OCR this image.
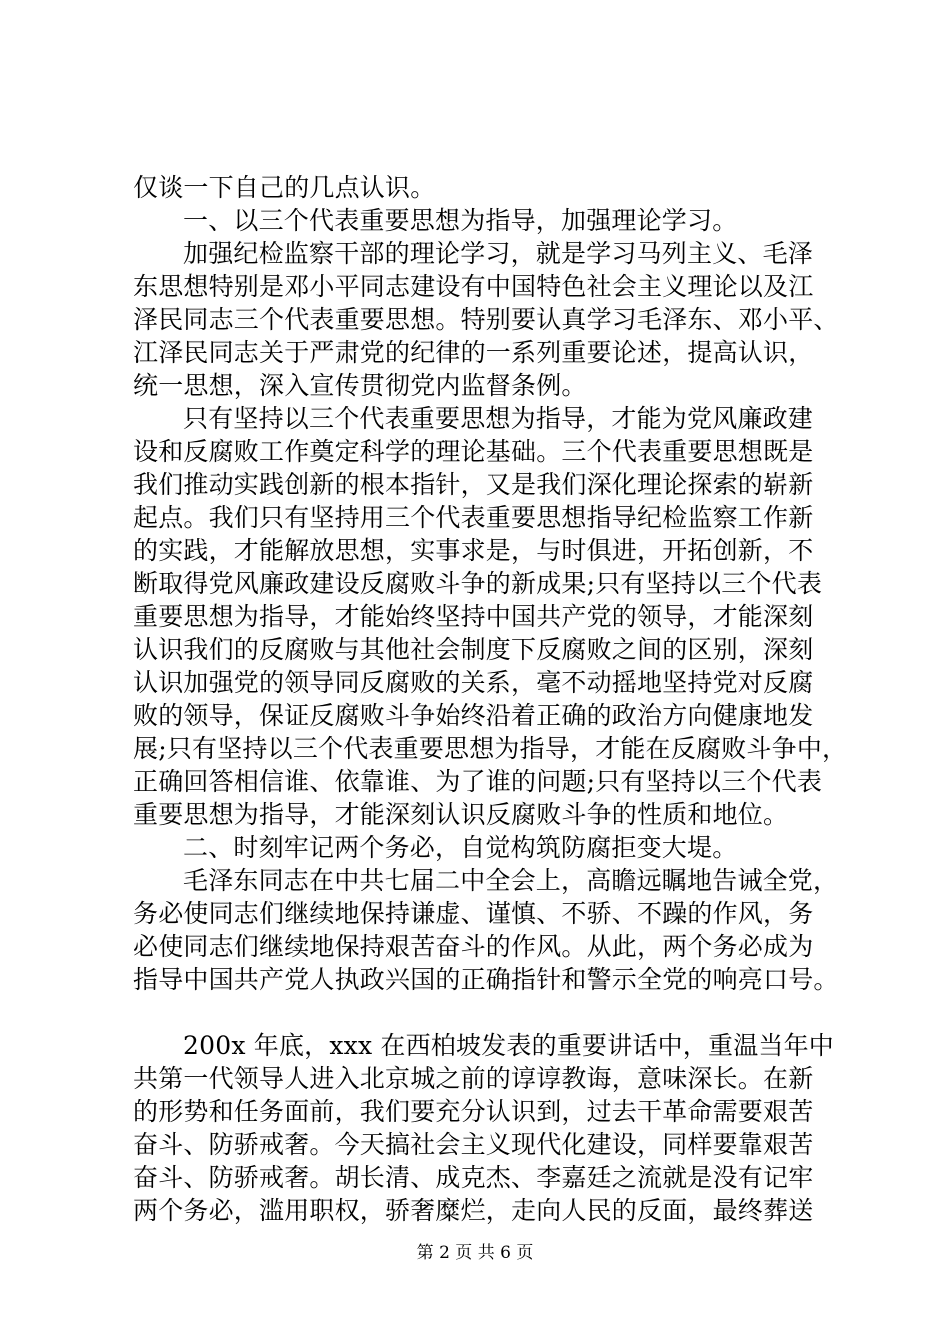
仅谈一下自己的几点认识。
一、以三个代表重要思想为指导，加强理论学习。
加强纪检监察干部的理论学习，就是学习马列主义、毛泽
东思想特别是邓小平同志建设有中国特色社会主义理论以及江
泽民同志三个代表重要思想。特别要认真学习毛泽东、邓小平、
江泽民同志关于严肃党的纪律的一系列重要论述，提高认识，
统一思想，深入宣传贯彻党内监督条例。
只有坚持以三个代表重要思想为指导，才能为党风廉政建
设和反腐败工作奠定科学的理论基础。三个代表重要思想既是
我们推动实践创新的根本指针，又是我们深化理论探索的崭新
起点。我们只有坚持用三个代表重要思想指导纪检监察工作新
的实践，才能解放思想，实事求是，与时俱进，开拓创新，不
断取得党风廉政建设反腐败斗争的新成果;只有坚持以三个代表
重要思想为指导，才能始终坚持中国共产党的领导，才能深刻
认识我们的反腐败与其他社会制度下反腐败之间的区别，深刻
认识加强党的领导同反腐败的关系，毫不动摇地坚持党对反腐
败的领导，保证反腐败斗争始终沿着正确的政治方向健康地发
展;只有坚持以三个代表重要思想为指导，才能在反腐败斗争中，
正确回答相信谁、依靠谁、为了谁的问题;只有坚持以三个代表
重要思想为指导，才能深刻认识反腐败斗争的性质和地位。
二、时刻牢记两个务必，自觉构筑防腐拒变大堤。
毛泽东同志在中共七届二中全会上，高瞻远瞩地告诫全党，
务必使同志们继续地保持谦虚、谨慎、不骄、不躁的作风，务
必使同志们继续地保持艰苦奋斗的作风。从此，两个务必成为
指导中国共产党人执政兴国的正确指针和警示全党的响亮口号。
200x 年底，xxx 在西柏坡发表的重要讲话中，重温当年中
共第一代领导人进入北京城之前的谆谆教诲，意味深长。在新
的形势和任务面前，我们要充分认识到，过去干革命需要艰苦
奋斗、防骄戒奢。今天搞社会主义现代化建设，同样要靠艰苦
奋斗、防骄戒奢。胡长清、成克杰、李嘉廷之流就是没有记牢
两个务必，滥用职权，骄奢糜烂，走向人民的反面，最终葬送
第 2 页 共 6 页
